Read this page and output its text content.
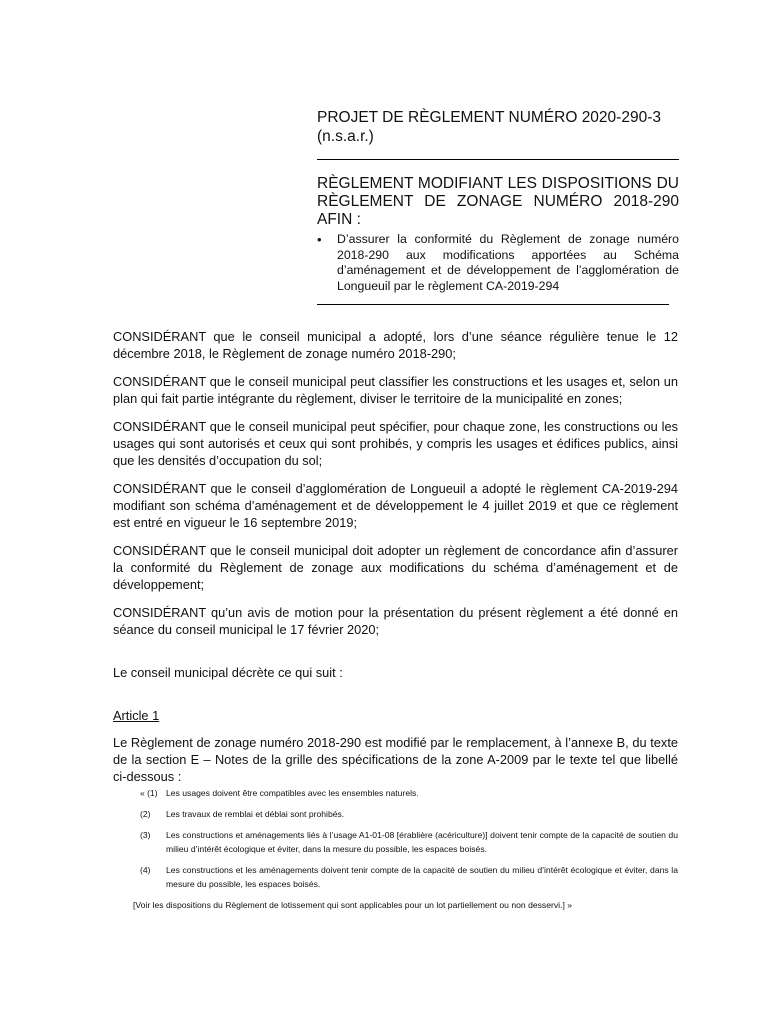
PROJET DE RÈGLEMENT NUMÉRO 2020-290-3
(n.s.a.r.)
RÈGLEMENT MODIFIANT LES DISPOSITIONS DU RÈGLEMENT DE ZONAGE NUMÉRO 2018-290 AFIN :
•	D’assurer la conformité du Règlement de zonage numéro 2018-290 aux modifications apportées au Schéma d’aménagement et de développement de l’agglomération de Longueuil par le règlement CA-2019-294

CONSIDÉRANT que le conseil municipal a adopté, lors d’une séance régulière tenue le 12 décembre 2018, le Règlement de zonage numéro 2018-290;

CONSIDÉRANT que le conseil municipal peut classifier les constructions et les usages et, selon un plan qui fait partie intégrante du règlement, diviser le territoire de la municipalité en zones;

CONSIDÉRANT que le conseil municipal peut spécifier, pour chaque zone, les constructions ou les usages qui sont autorisés et ceux qui sont prohibés, y compris les usages et édifices publics, ainsi que les densités d’occupation du sol;

CONSIDÉRANT que le conseil d’agglomération de Longueuil a adopté le règlement CA-2019-294 modifiant son schéma d’aménagement et de développement le 4 juillet 2019 et que ce règlement est entré en vigueur le 16 septembre 2019;

CONSIDÉRANT que le conseil municipal doit adopter un règlement de concordance afin d’assurer la conformité du Règlement de zonage aux modifications du schéma d’aménagement et de développement;

CONSIDÉRANT qu’un avis de motion pour la présentation du présent règlement a été donné en séance du conseil municipal le 17 février 2020;

Le conseil municipal décrète ce qui suit :

Article 1

Le Règlement de zonage numéro 2018-290 est modifié par le remplacement, à l’annexe B, du texte de la section E – Notes de la grille des spécifications de la zone A-2009 par le texte tel que libellé ci-dessous :

« (1) Les usages doivent être compatibles avec les ensembles naturels.
(2)	Les travaux de remblai et déblai sont prohibés.
(3)	Les constructions et aménagements liés à l’usage A1-01-08 [érablière (acériculture)] doivent tenir compte de la capacité de soutien du milieu d’intérêt écologique et éviter, dans la mesure du possible, les espaces boisés.
(4)	Les constructions et les aménagements doivent tenir compte de la capacité de soutien du milieu d’intérêt écologique et éviter, dans la mesure du possible, les espaces boisés.

[Voir les dispositions du Règlement de lotissement qui sont applicables pour un lot partiellement ou non desservi.] »
